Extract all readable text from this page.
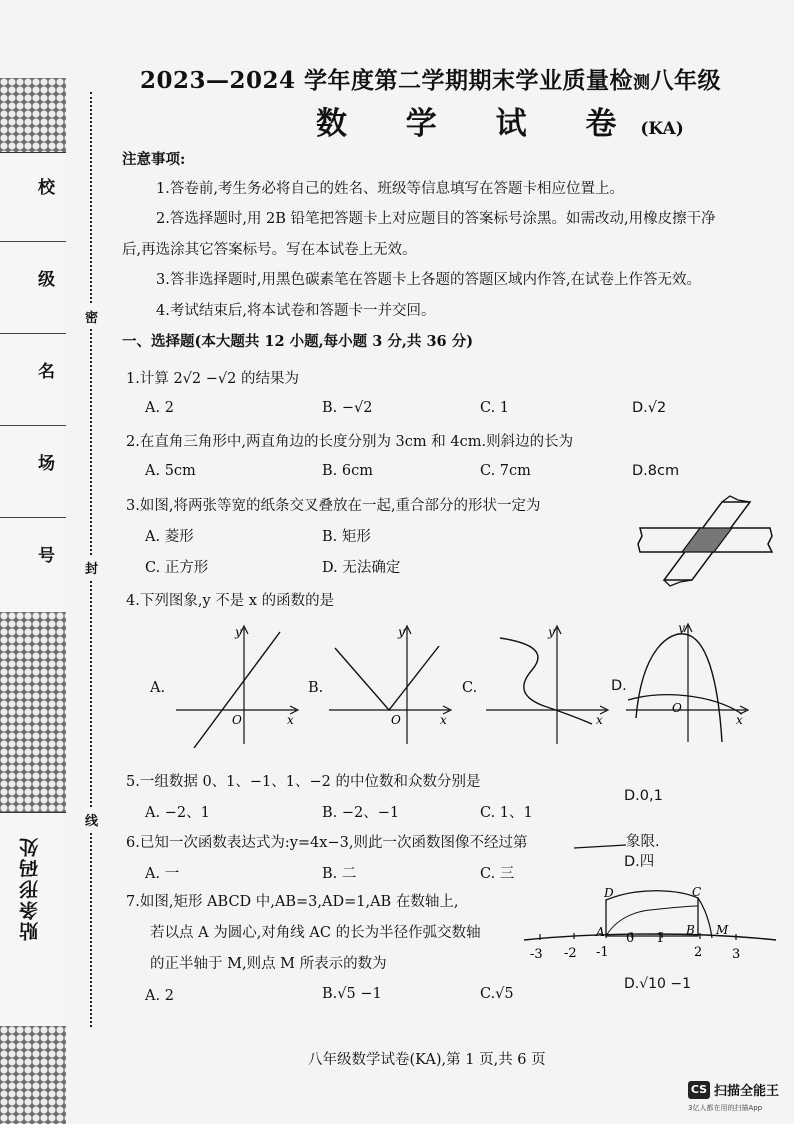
校
级
名
场
号
贴条形码处
密
封
线
2023—2024 学年度第二学期期末学业质量检测八年级
数 学 试 卷(KA)
注意事项:
1.答卷前,考生务必将自己的姓名、班级等信息填写在答题卡相应位置上。
2.答选择题时,用 2B 铅笔把答题卡上对应题目的答案标号涂黑。如需改动,用橡皮擦干净
后,再选涂其它答案标号。写在本试卷上无效。
3.答非选择题时,用黑色碳素笔在答题卡上各题的答题区域内作答,在试卷上作答无效。
4.考试结束后,将本试卷和答题卡一并交回。
一、选择题(本大题共 12 小题,每小题 3 分,共 36 分)
1.计算 2√2 −√2 的结果为
A. 2	B. −√2	C. 1	D.√2
2.在直角三角形中,两直角边的长度分别为 3cm 和 4cm.则斜边的长为
A. 5cm	B. 6cm	C. 7cm	D.8cm
3.如图,将两张等宽的纸条交叉叠放在一起,重合部分的形状一定为
A. 菱形	B. 矩形
C. 正方形	D. 无法确定
4.下列图象,y 不是 x 的函数的是
A.
y
x
O
B.
y
x
O
C.
y
x
D.
y
x
O
5.一组数据 0、1、−1、1、−2 的中位数和众数分别是
A. −2、1	B. −2、−1	C. 1、1
D.0,1
6.已知一次函数表达式为:y=4x−3,则此一次函数图像不经过第	象限.
A. 一	B. 二	C. 三
D.四
7.如图,矩形 ABCD 中,AB=3,AD=1,AB 在数轴上,
若以点 A 为圆心,对角线 AC 的长为半径作弧交数轴
的正半轴于 M,则点 M 所表示的数为
A. 2	B.√5 −1	C.√5
D.√10 −1
-3 -2 -1
0 1
2 3
D	C
A	B M
八年级数学试卷(KA),第 1 页,共 6 页
CS 扫描全能王
3亿人都在用的扫描App
